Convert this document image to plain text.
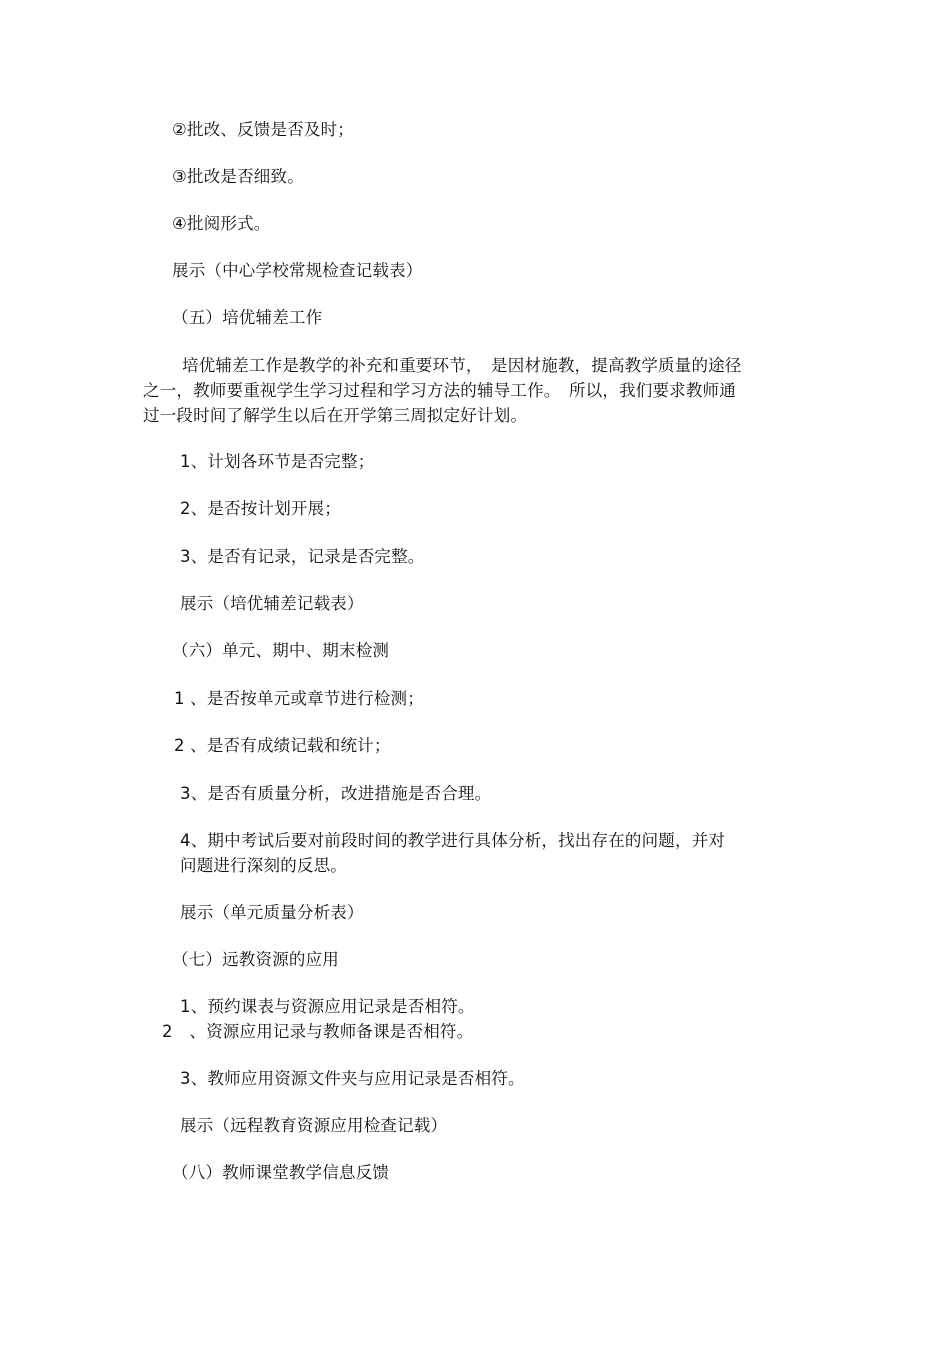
②批改、反馈是否及时；
③批改是否细致。
④批阅形式。
展示（中心学校常规检查记载表）
（五）培优辅差工作
培优辅差工作是教学的补充和重要环节，　是因材施教，提高教学质量的途径
之一，教师要重视学生学习过程和学习方法的辅导工作。　所以，我们要求教师通
过一段时间了解学生以后在开学第三周拟定好计划。
1、计划各环节是否完整；
2、是否按计划开展；
3、是否有记录，记录是否完整。
展示（培优辅差记载表）
（六）单元、期中、期末检测
1 、是否按单元或章节进行检测；
2 、是否有成绩记载和统计；
3、是否有质量分析，改进措施是否合理。
4、期中考试后要对前段时间的教学进行具体分析，找出存在的问题，并对
问题进行深刻的反思。
展示（单元质量分析表）
（七）远教资源的应用
1、预约课表与资源应用记录是否相符。
2　、资源应用记录与教师备课是否相符。
3、教师应用资源文件夹与应用记录是否相符。
展示（远程教育资源应用检查记载）
（八）教师课堂教学信息反馈
